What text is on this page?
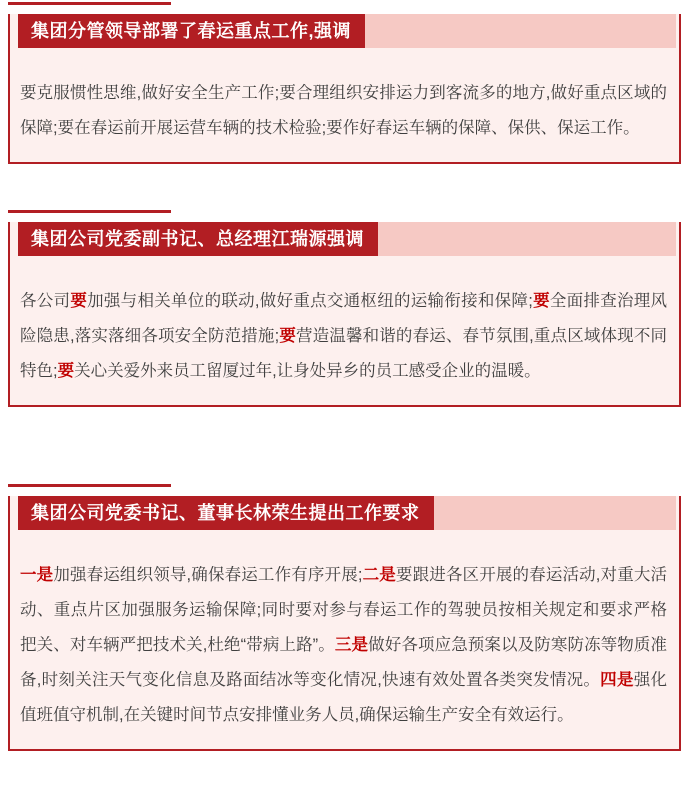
集团分管领导部署了春运重点工作,强调
要克服惯性思维,做好安全生产工作;要合理组织安排运力到客流多的地方,做好重点区域的保障;要在春运前开展运营车辆的技术检验;要作好春运车辆的保障、保供、保运工作。
集团公司党委副书记、总经理江瑞源强调
各公司要加强与相关单位的联动,做好重点交通枢纽的运输衔接和保障;要全面排查治理风险隐患,落实落细各项安全防范措施;要营造温馨和谐的春运、春节氛围,重点区域体现不同特色;要关心关爱外来员工留厦过年,让身处异乡的员工感受企业的温暖。
集团公司党委书记、董事长林荣生提出工作要求
一是加强春运组织领导,确保春运工作有序开展;二是要跟进各区开展的春运活动,对重大活动、重点片区加强服务运输保障;同时要对参与春运工作的驾驶员按相关规定和要求严格把关、对车辆严把技术关,杜绝“带病上路”。三是做好各项应急预案以及防寒防冻等物质准备,时刻关注天气变化信息及路面结冰等变化情况,快速有效处置各类突发情况。四是强化值班值守机制,在关键时间节点安排懂业务人员,确保运输生产安全有效运行。
